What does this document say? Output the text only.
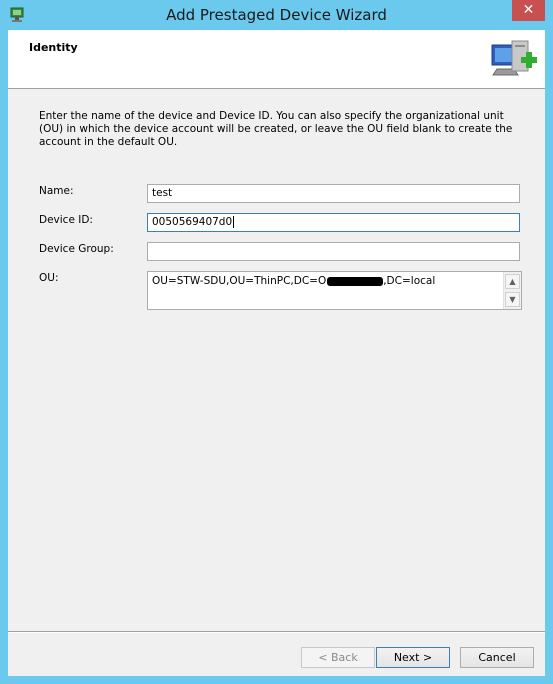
Add Prestaged Device Wizard	✕
Identity
Enter the name of the device and Device ID. You can also specify the organizational unit (OU) in which the device account will be created, or leave the OU field blank to create the account in the default OU.
Name:	test
Device ID:	0050569407d0
Device Group:
OU:	OU=STW-SDU,OU=ThinPC,DC=O	,DC=local	▲
▼
< Back	Next >	Cancel
